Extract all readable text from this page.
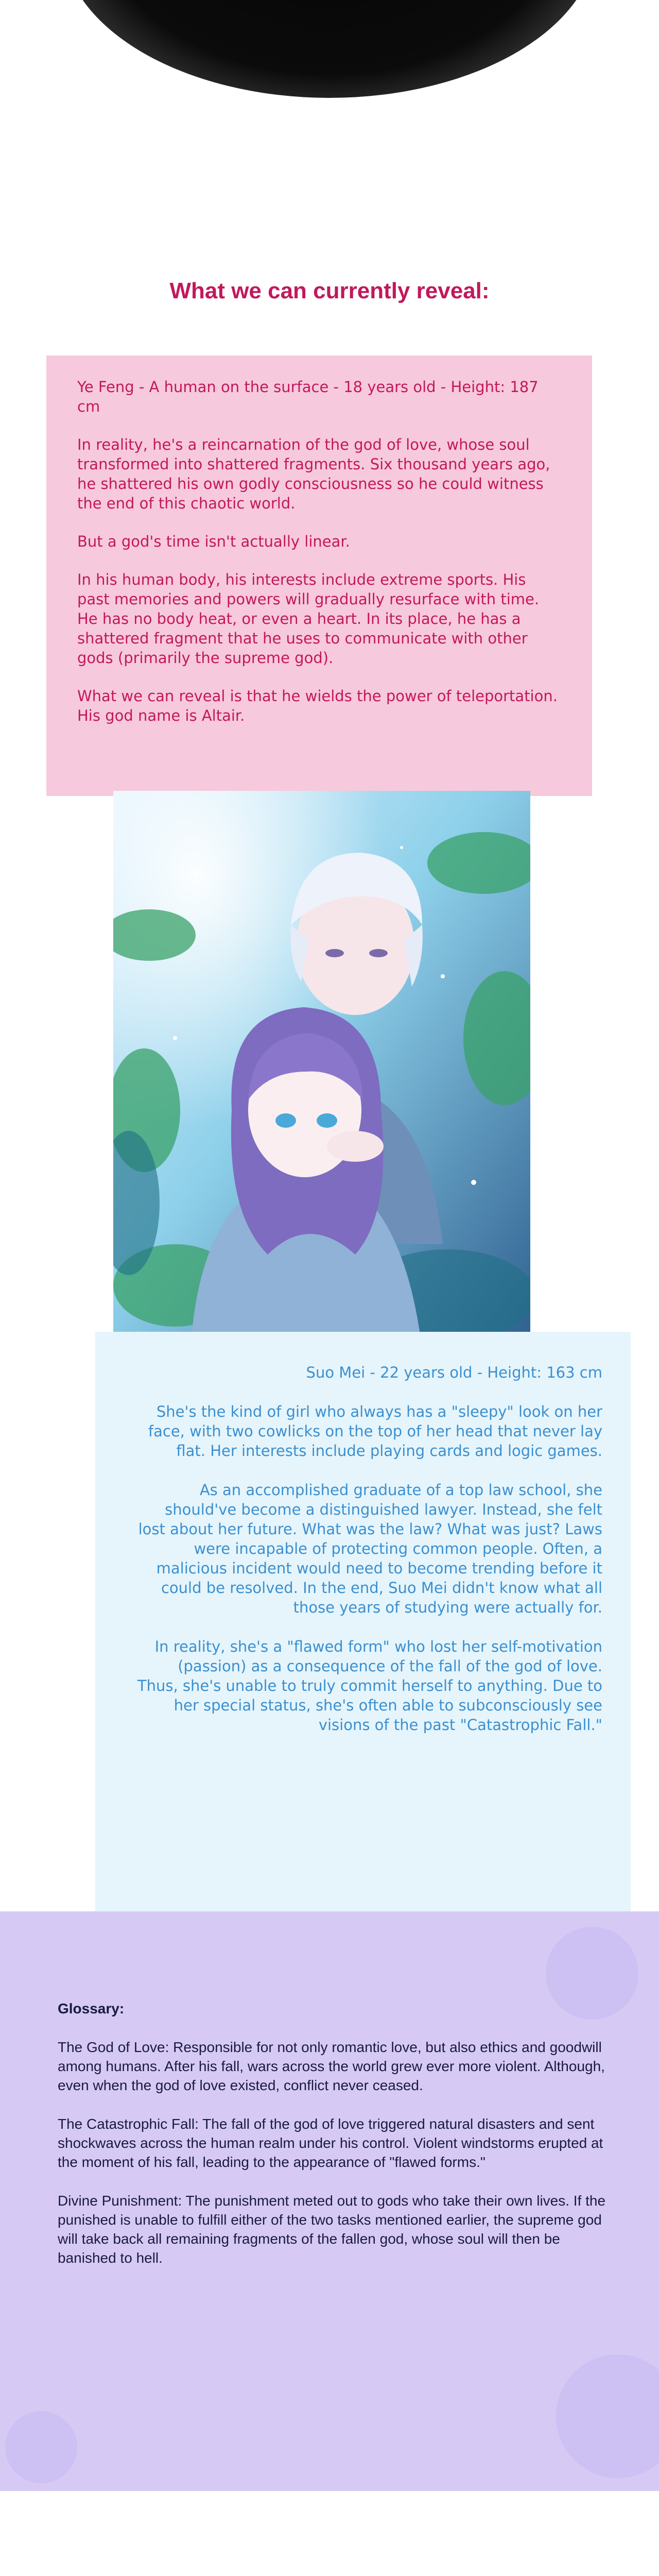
What we can currently reveal:

Ye Feng - A human on the surface - 18 years old - Height: 187 cm

In reality, he's a reincarnation of the god of love, whose soul transformed into shattered fragments. Six thousand years ago, he shattered his own godly consciousness so he could witness the end of this chaotic world.

But a god's time isn't actually linear.

In his human body, his interests include extreme sports. His past memories and powers will gradually resurface with time. He has no body heat, or even a heart. In its place, he has a shattered fragment that he uses to communicate with other gods (primarily the supreme god).

What we can reveal is that he wields the power of teleportation. His god name is Altair.

Suo Mei - 22 years old - Height: 163 cm

She's the kind of girl who always has a "sleepy" look on her face, with two cowlicks on the top of her head that never lay flat. Her interests include playing cards and logic games.

As an accomplished graduate of a top law school, she should've become a distinguished lawyer. Instead, she felt lost about her future. What was the law? What was just? Laws were incapable of protecting common people. Often, a malicious incident would need to become trending before it could be resolved. In the end, Suo Mei didn't know what all those years of studying were actually for.

In reality, she's a "flawed form" who lost her self-motivation (passion) as a consequence of the fall of the god of love. Thus, she's unable to truly commit herself to anything. Due to her special status, she's often able to subconsciously see visions of the past "Catastrophic Fall."

Glossary:

The God of Love: Responsible for not only romantic love, but also ethics and goodwill among humans. After his fall, wars across the world grew ever more violent. Although, even when the god of love existed, conflict never ceased.

The Catastrophic Fall: The fall of the god of love triggered natural disasters and sent shockwaves across the human realm under his control. Violent windstorms erupted at the moment of his fall, leading to the appearance of "flawed forms."

Divine Punishment: The punishment meted out to gods who take their own lives. If the punished is unable to fulfill either of the two tasks mentioned earlier, the supreme god will take back all remaining fragments of the fallen god, whose soul will then be banished to hell.
